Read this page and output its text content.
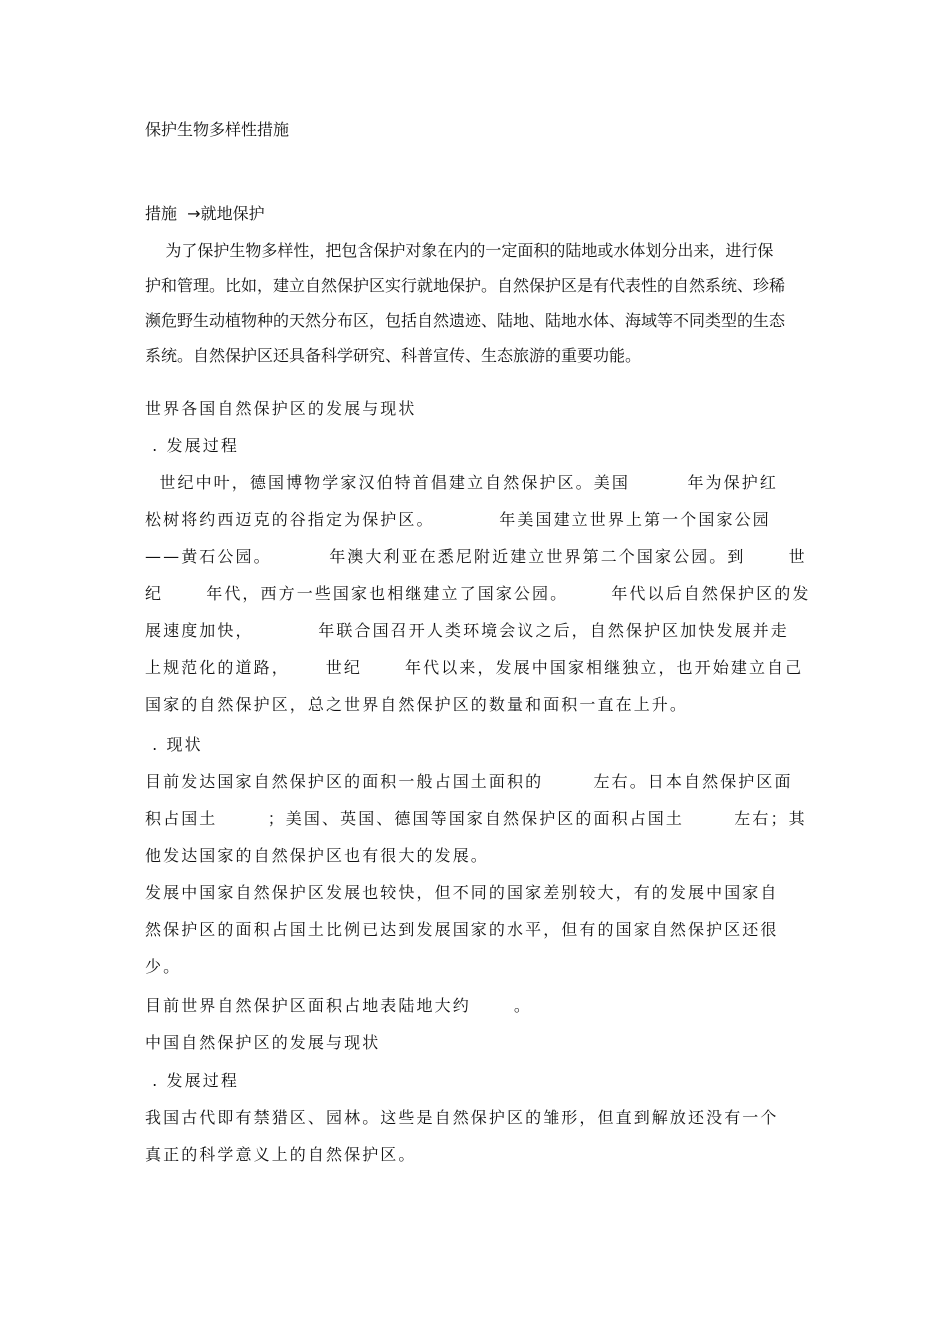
保护生物多样性措施
措施  →就地保护
为了保护生物多样性，把包含保护对象在内的一定面积的陆地或水体划分出来，进行保
护和管理。比如，建立自然保护区实行就地保护。自然保护区是有代表性的自然系统、珍稀
濒危野生动植物种的天然分布区，包括自然遗迹、陆地、陆地水体、海域等不同类型的生态
系统。自然保护区还具备科学研究、科普宣传、生态旅游的重要功能。
世界各国自然保护区的发展与现状
. 发展过程
世纪中叶，德国博物学家汉伯特首倡建立自然保护区。美国        年为保护红
松树将约西迈克的谷指定为保护区。         年美国建立世界上第一个国家公园
——黄石公园。        年澳大利亚在悉尼附近建立世界第二个国家公园。到      世
纪      年代，西方一些国家也相继建立了国家公园。      年代以后自然保护区的发
展速度加快，         年联合国召开人类环境会议之后，自然保护区加快发展并走
上规范化的道路，     世纪      年代以来，发展中国家相继独立，也开始建立自己
国家的自然保护区，总之世界自然保护区的数量和面积一直在上升。
. 现状
目前发达国家自然保护区的面积一般占国土面积的       左右。日本自然保护区面
积占国土       ；美国、英国、德国等国家自然保护区的面积占国土       左右；其
他发达国家的自然保护区也有很大的发展。
发展中国家自然保护区发展也较快，但不同的国家差别较大，有的发展中国家自
然保护区的面积占国土比例已达到发展国家的水平，但有的国家自然保护区还很
少。
目前世界自然保护区面积占地表陆地大约      。
中国自然保护区的发展与现状
. 发展过程
我国古代即有禁猎区、园林。这些是自然保护区的雏形，但直到解放还没有一个
真正的科学意义上的自然保护区。
